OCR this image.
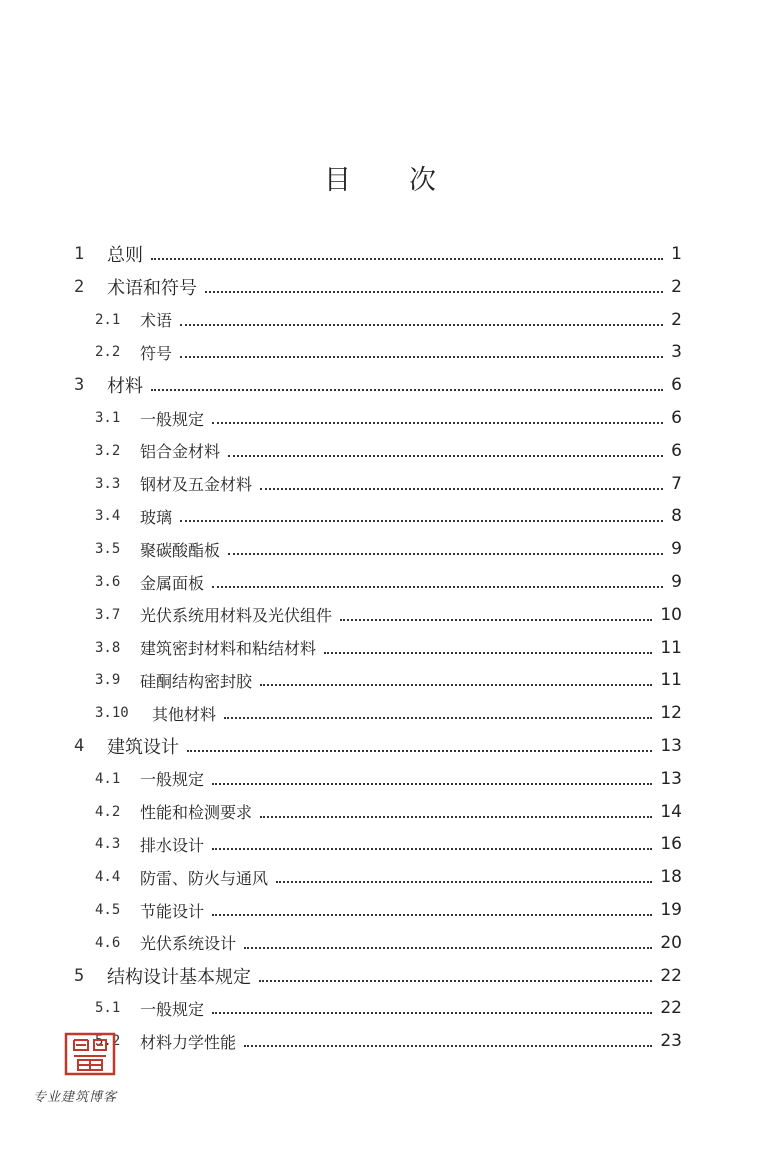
目 次
1 总则	1
2 术语和符号	2
2.1 术语	2
2.2 符号	3
3 材料	6
3.1 一般规定	6
3.2 铝合金材料	6
3.3 钢材及五金材料	7
3.4 玻璃	8
3.5 聚碳酸酯板	9
3.6 金属面板	9
3.7 光伏系统用材料及光伏组件	10
3.8 建筑密封材料和粘结材料	11
3.9 硅酮结构密封胶	11
3.10 其他材料	12
4 建筑设计	13
4.1 一般规定	13
4.2 性能和检测要求	14
4.3 排水设计	16
4.4 防雷、防火与通风	18
4.5 节能设计	19
4.6 光伏系统设计	20
5 结构设计基本规定	22
5.1 一般规定	22
5.2 材料力学性能	23
专业建筑博客
